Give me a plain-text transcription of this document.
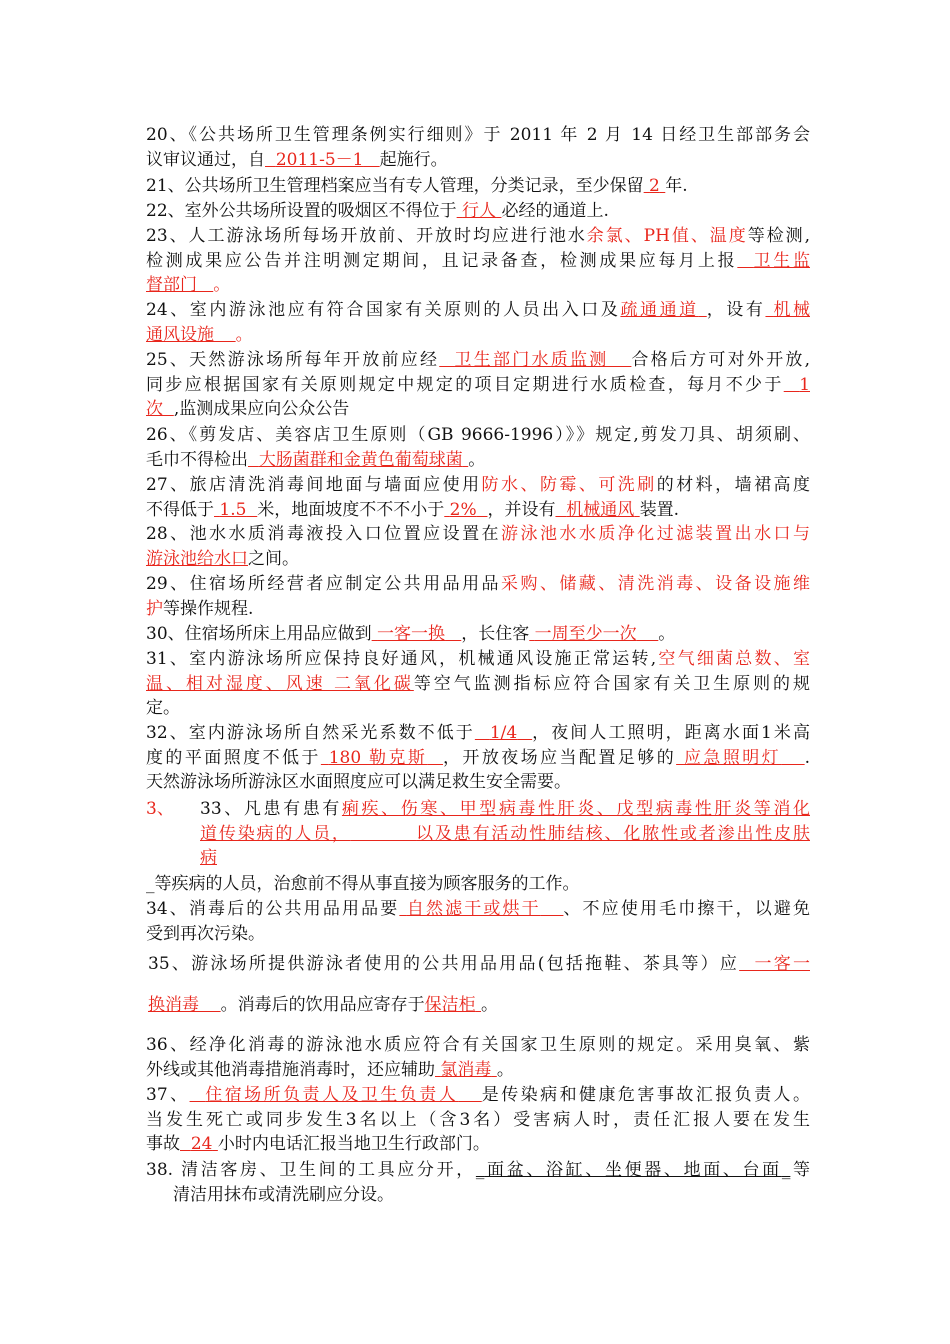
20、《公共场所卫生管理条例实行细则》于 2011 年 2 月 14 日经卫生部部务会
议审议通过，自 2011-5－1 起施行。
21、公共场所卫生管理档案应当有专人管理，分类记录，至少保留 2 年.
22、室外公共场所设置的吸烟区不得位于 行人 必经的通道上.
23、人工游泳场所每场开放前、开放时均应进行池水余氯、PH值、温度等检测,
检测成果应公告并注明测定期间，且记录备查，检测成果应每月上报 卫生监
督部门 。
24、室内游泳池应有符合国家有关原则的人员出入口及疏通通道 ，设有 机械
通风设施 。
25、天然游泳场所每年开放前应经 卫生部门水质监测 合格后方可对外开放,
同步应根据国家有关原则规定中规定的项目定期进行水质检查，每月不少于 1
次 ,监测成果应向公众公告
26、《剪发店、美容店卫生原则（GB 9666-1996）》》规定,剪发刀具、胡须刷、
毛巾不得检出 大肠菌群和金黄色葡萄球菌 。
27、旅店清洗消毒间地面与墙面应使用防水、防霉、可洗刷的材料，墙裙高度
不得低于 1.5 米，地面坡度不不不小于 2% ，并设有 机械通风 装置.
28、池水水质消毒液投入口位置应设置在游泳池水水质净化过滤装置出水口与
游泳池给水口之间。
29、住宿场所经营者应制定公共用品用品采购、储藏、清洗消毒、设备设施维
护等操作规程.
30、住宿场所床上用品应做到 一客一换 ，长住客 一周至少一次 。
31、室内游泳场所应保持良好通风，机械通风设施正常运转,空气细菌总数、室
温、相对湿度、风速 二氧化碳等空气监测指标应符合国家有关卫生原则的规
定。
32、室内游泳场所自然采光系数不低于 1/4 ，夜间人工照明，距离水面1米高
度的平面照度不低于 180 勒克斯 ，开放夜场应当配置足够的 应急照明灯 .
天然游泳场所游泳区水面照度应可以满足救生安全需要。
3、 33、凡患有患有痢疾、伤寒、甲型病毒性肝炎、戊型病毒性肝炎等消化
道传染病的人员，	以及患有活动性肺结核、化脓性或者渗出性皮肤
病
_等疾病的人员，治愈前不得从事直接为顾客服务的工作。
34、消毒后的公共用品用品要 自然滤干或烘干 、不应使用毛巾擦干，以避免
受到再次污染。
35、游泳场所提供游泳者使用的公共用品用品(包括拖鞋、茶具等）应 一客一
换消毒 。消毒后的饮用品应寄存于保洁柜 。
36、经净化消毒的游泳池水质应符合有关国家卫生原则的规定。采用臭氧、紫
外线或其他消毒措施消毒时，还应辅助 氯消毒 。
37、 住宿场所负责人及卫生负责人 是传染病和健康危害事故汇报负责人。
当发生死亡或同步发生3名以上（含3名）受害病人时，责任汇报人要在发生
事故 24 小时内电话汇报当地卫生行政部门。
38. 清洁客房、卫生间的工具应分开，_面盆、浴缸、坐便器、地面、台面_等
清洁用抹布或清洗刷应分设。
